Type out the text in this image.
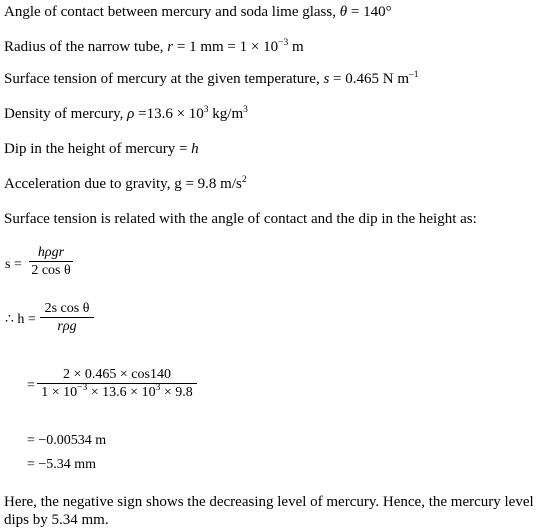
Angle of contact between mercury and soda lime glass, θ = 140°
Radius of the narrow tube, r = 1 mm = $1 \times 10^{-3}$ m
Surface tension of mercury at the given temperature, s = 0.465 N $m^{-1}$
Density of mercury, $\rho =13.6 \times 10^3$ $kg/m^3$
Dip in the height of mercury = h
Acceleration due to gravity, g = 9.8 $m/s^2$
Surface tension is related with the angle of contact and the dip in the height as:
s =
hρgr
2 cos θ
∴ h =
2s cos θ
rρg
=
2 × 0.465 × cos140
$1 \times 10^{-3} \times 13.6 \times 10^3 \times 9.8$
= −0.00534 m
= −5.34 mm
Here, the negative sign shows the decreasing level of mercury. Hence, the mercury level
dips by 5.34 mm.
